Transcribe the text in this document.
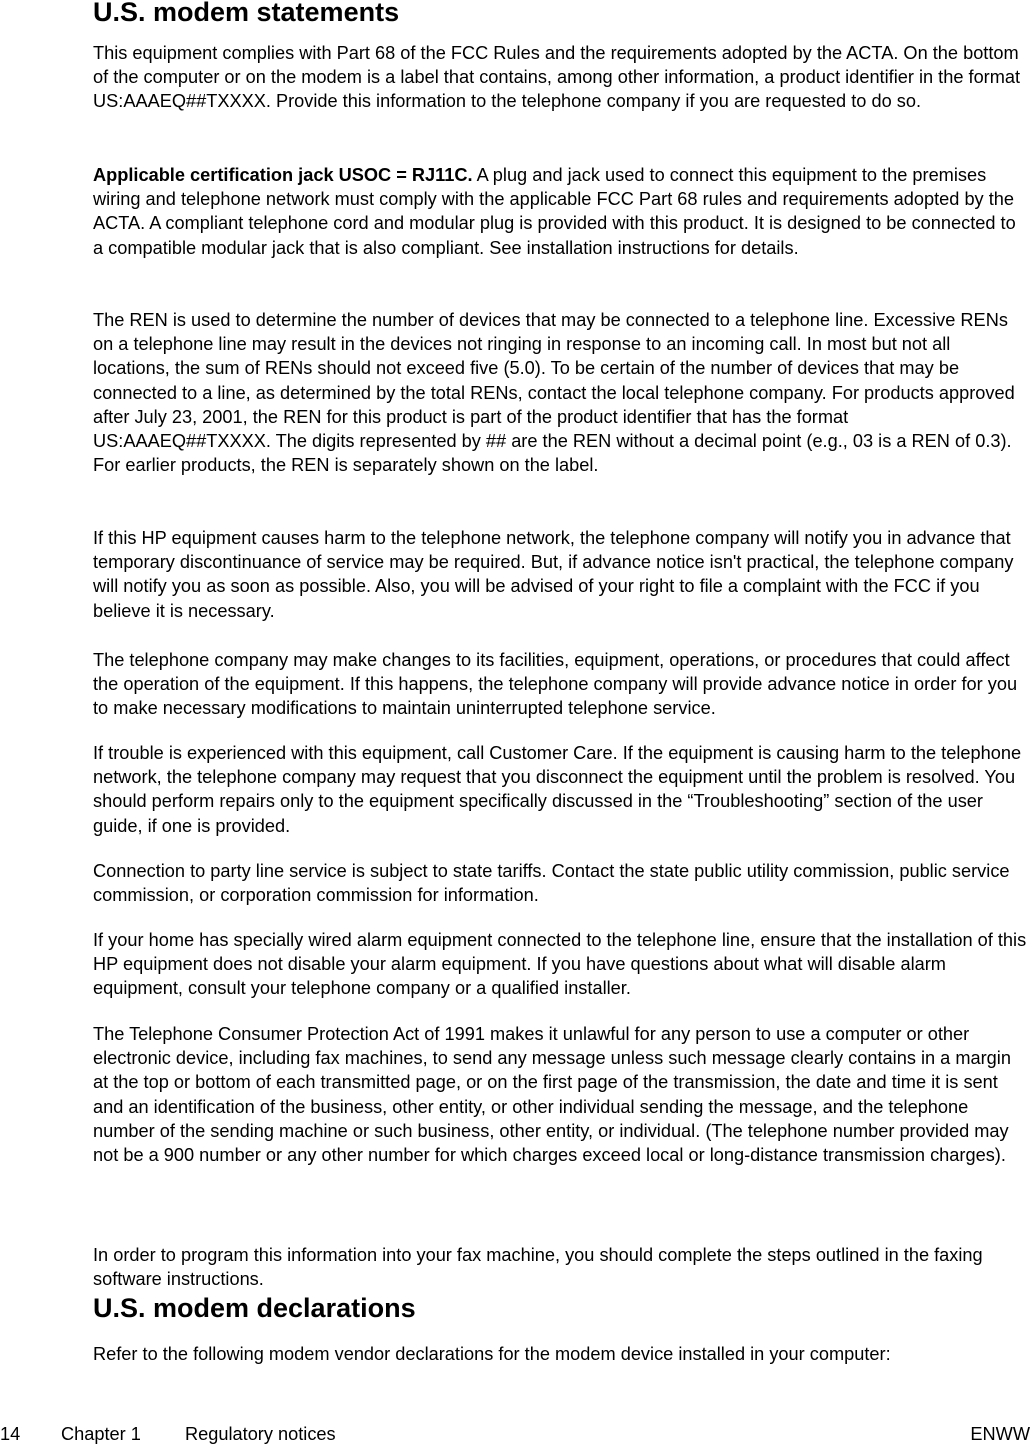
U.S. modem statements

This equipment complies with Part 68 of the FCC Rules and the requirements adopted by the ACTA. On the bottom of the computer or on the modem is a label that contains, among other information, a product identifier in the format US:AAAEQ##TXXXX. Provide this information to the telephone company if you are requested to do so.

Applicable certification jack USOC = RJ11C. A plug and jack used to connect this equipment to the premises wiring and telephone network must comply with the applicable FCC Part 68 rules and requirements adopted by the ACTA. A compliant telephone cord and modular plug is provided with this product. It is designed to be connected to a compatible modular jack that is also compliant. See installation instructions for details.

The REN is used to determine the number of devices that may be connected to a telephone line. Excessive RENs on a telephone line may result in the devices not ringing in response to an incoming call. In most but not all locations, the sum of RENs should not exceed five (5.0). To be certain of the number of devices that may be connected to a line, as determined by the total RENs, contact the local telephone company. For products approved after July 23, 2001, the REN for this product is part of the product identifier that has the format US:AAAEQ##TXXXX. The digits represented by ## are the REN without a decimal point (e.g., 03 is a REN of 0.3). For earlier products, the REN is separately shown on the label.

If this HP equipment causes harm to the telephone network, the telephone company will notify you in advance that temporary discontinuance of service may be required. But, if advance notice isn't practical, the telephone company will notify you as soon as possible. Also, you will be advised of your right to file a complaint with the FCC if you believe it is necessary.

The telephone company may make changes to its facilities, equipment, operations, or procedures that could affect the operation of the equipment. If this happens, the telephone company will provide advance notice in order for you to make necessary modifications to maintain uninterrupted telephone service.

If trouble is experienced with this equipment, call Customer Care. If the equipment is causing harm to the telephone network, the telephone company may request that you disconnect the equipment until the problem is resolved. You should perform repairs only to the equipment specifically discussed in the “Troubleshooting” section of the user guide, if one is provided.

Connection to party line service is subject to state tariffs. Contact the state public utility commission, public service commission, or corporation commission for information.

If your home has specially wired alarm equipment connected to the telephone line, ensure that the installation of this HP equipment does not disable your alarm equipment. If you have questions about what will disable alarm equipment, consult your telephone company or a qualified installer.

The Telephone Consumer Protection Act of 1991 makes it unlawful for any person to use a computer or other electronic device, including fax machines, to send any message unless such message clearly contains in a margin at the top or bottom of each transmitted page, or on the first page of the transmission, the date and time it is sent and an identification of the business, other entity, or other individual sending the message, and the telephone number of the sending machine or such business, other entity, or individual. (The telephone number provided may not be a 900 number or any other number for which charges exceed local or long-distance transmission charges).

In order to program this information into your fax machine, you should complete the steps outlined in the faxing software instructions.

U.S. modem declarations

Refer to the following modem vendor declarations for the modem device installed in your computer:

14 Chapter 1 Regulatory notices	ENWW
